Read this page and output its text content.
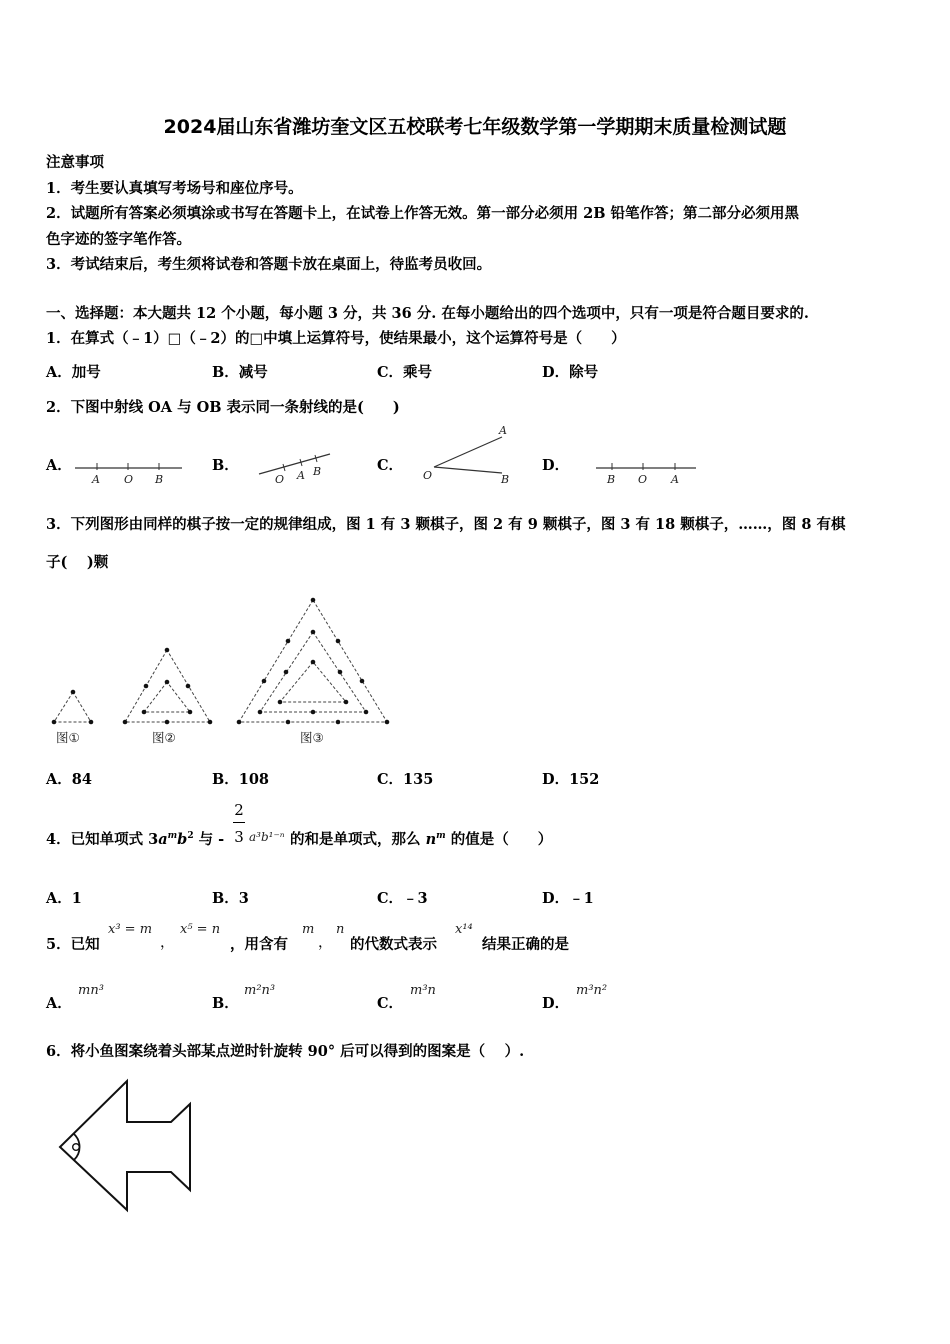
2024届山东省潍坊奎文区五校联考七年级数学第一学期期末质量检测试题
注意事项
1．考生要认真填写考场号和座位序号。
2．试题所有答案必须填涂或书写在答题卡上，在试卷上作答无效。第一部分必须用 2B 铅笔作答；第二部分必须用黑
色字迹的签字笔作答。
3．考试结束后，考生须将试卷和答题卡放在桌面上，待监考员收回。
一、选择题：本大题共 12 个小题，每小题 3 分，共 36 分. 在每小题给出的四个选项中，只有一项是符合题目要求的.
1．在算式（﹣1）□（﹣2）的□中填上运算符号，使结果最小，这个运算符号是（　　）
A．加号	B．减号	C．乘号	D．除号
2．下图中射线 OA 与 OB 表示同一条射线的是(　　)
A．	B．	C．	D．
A O B	O A B
A
O	B	B O A
3．下列图形由同样的棋子按一定的规律组成，图 1 有 3 颗棋子，图 2 有 9 颗棋子，图 3 有 18 颗棋子，……，图 8 有棋
子(　 )颗
图①	图②	图③
A．84	B．108	C．135	D．152
4．已知单项式 $3a^mb^2$ 与 -
2
3 a³b¹⁻ⁿ 的和是单项式，那么 $n^m$ 的值是（　　）
A．1	B．3	C．﹣3	D．﹣1
5．已知
x³ = m
，
x⁵ = n
，用含有
m
，
n
的代数式表示
x¹⁴
结果正确的是
A．
mn³
B．
m²n³
C．
m³n
D．
m³n²
6．将小鱼图案绕着头部某点逆时针旋转 90° 后可以得到的图案是（　 ）.
